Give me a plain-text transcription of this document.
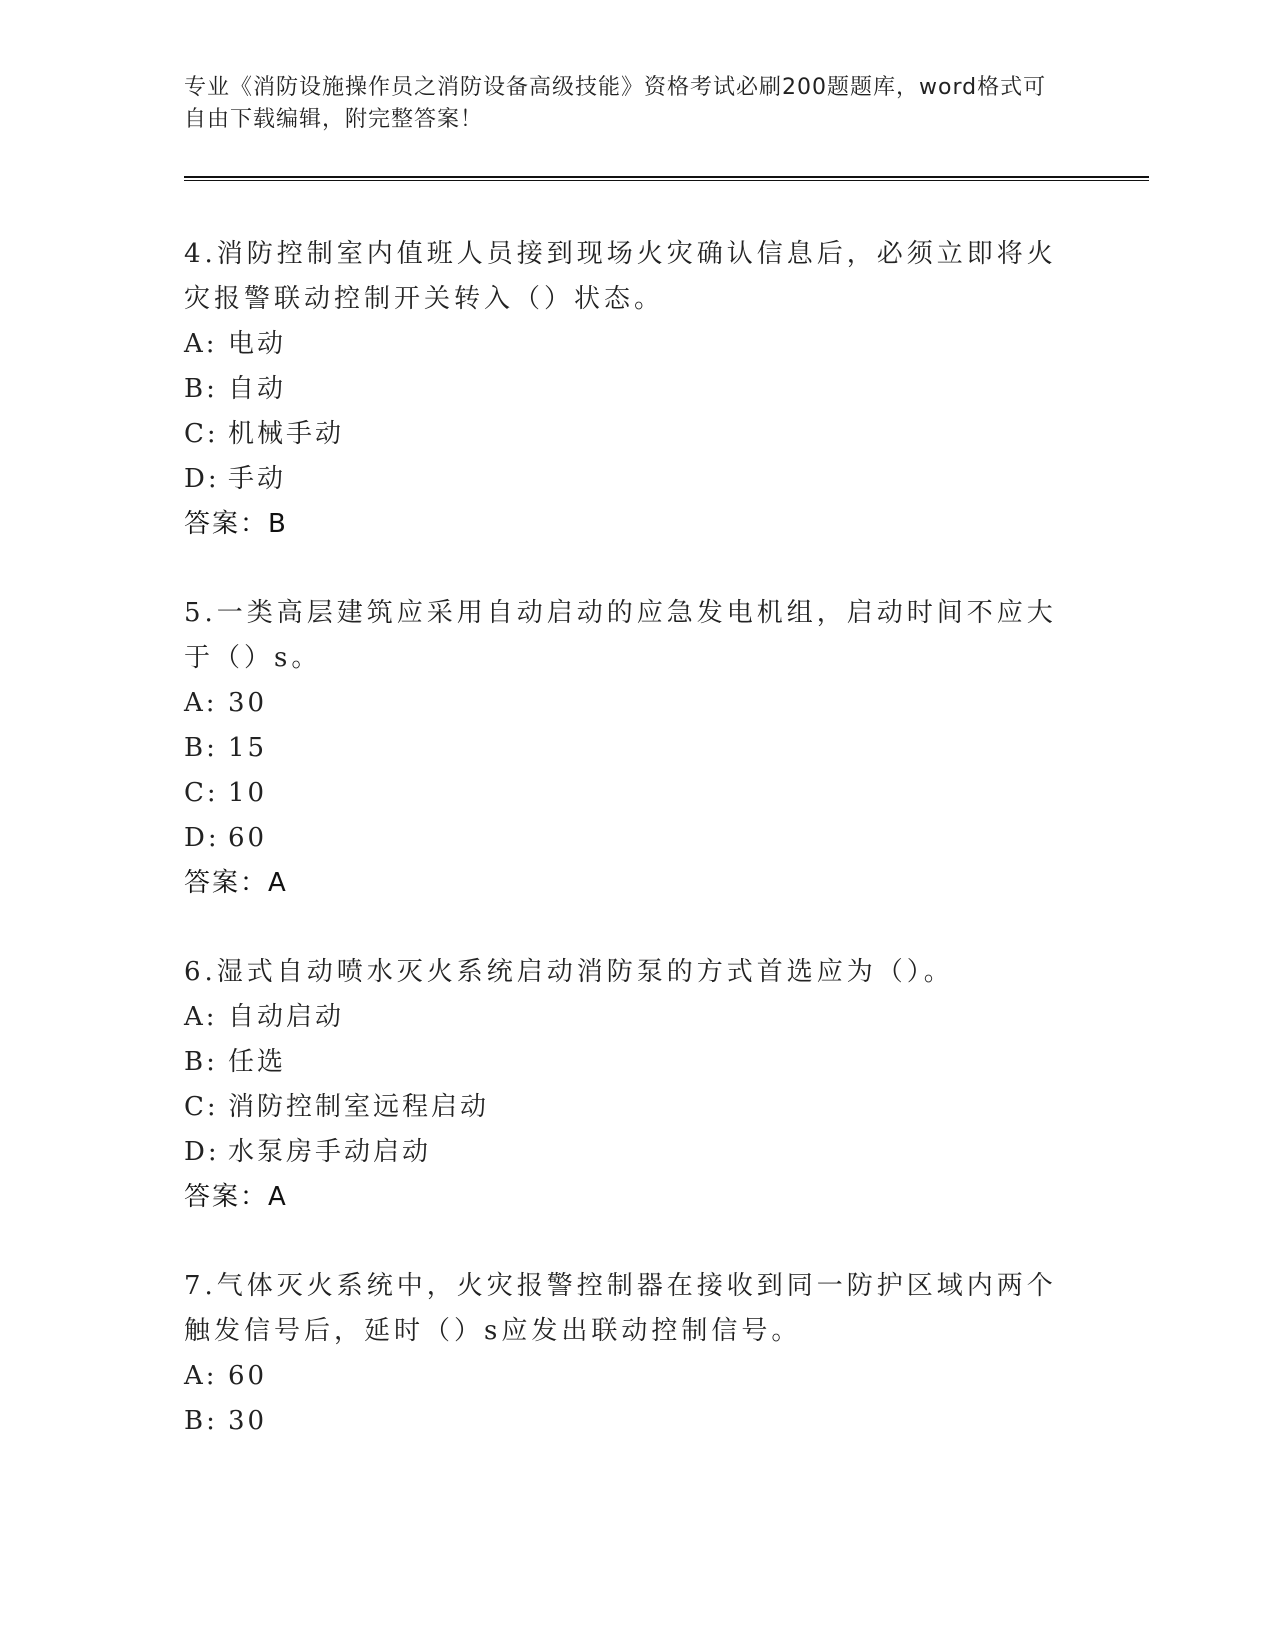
专业《消防设施操作员之消防设备高级技能》资格考试必刷200题题库，word格式可自由下载编辑，附完整答案！
4.消防控制室内值班人员接到现场火灾确认信息后，必须立即将火灾报警联动控制开关转入（）状态。
A: 电动
B: 自动
C: 机械手动
D: 手动
答案：B
5.一类高层建筑应采用自动启动的应急发电机组，启动时间不应大于（）s。
A: 30
B: 15
C: 10
D: 60
答案：A
6.湿式自动喷水灭火系统启动消防泵的方式首选应为（）。
A: 自动启动
B: 任选
C: 消防控制室远程启动
D: 水泵房手动启动
答案：A
7.气体灭火系统中，火灾报警控制器在接收到同一防护区域内两个触发信号后，延时（）s应发出联动控制信号。
A: 60
B: 30
